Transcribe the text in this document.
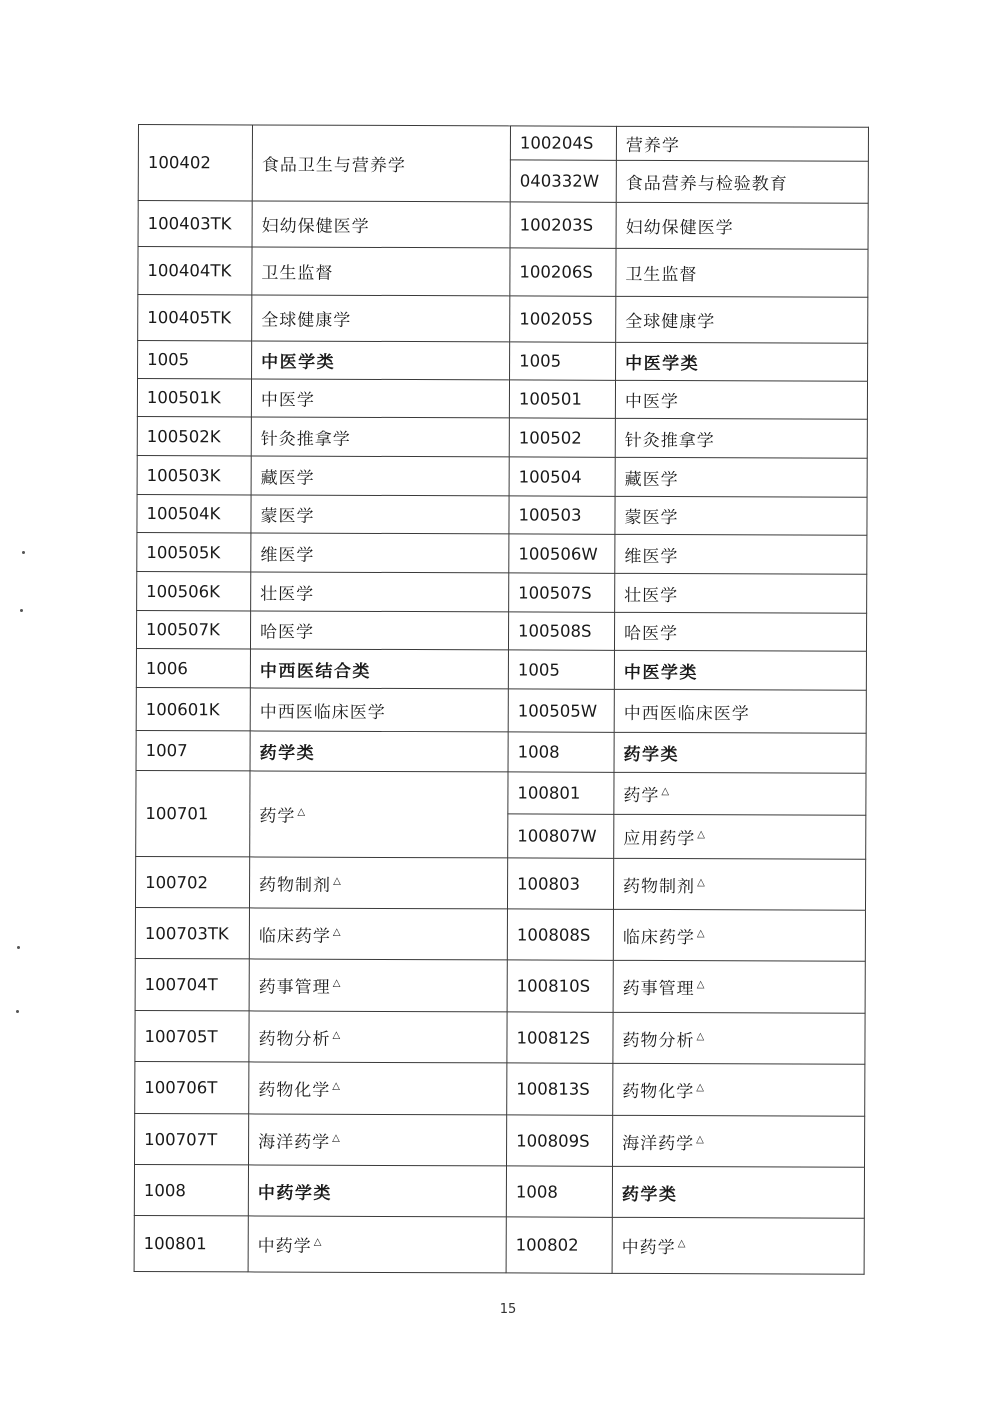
100402	食品卫生与营养学	100204S	营养学
		040332W	食品营养与检验教育
100403TK	妇幼保健医学	100203S	妇幼保健医学
100404TK	卫生监督	100206S	卫生监督
100405TK	全球健康学	100205S	全球健康学
1005	中医学类	1005	中医学类
100501K	中医学	100501	中医学
100502K	针灸推拿学	100502	针灸推拿学
100503K	藏医学	100504	藏医学
100504K	蒙医学	100503	蒙医学
100505K	维医学	100506W	维医学
100506K	壮医学	100507S	壮医学
100507K	哈医学	100508S	哈医学
1006	中西医结合类	1005	中医学类
100601K	中西医临床医学	100505W	中西医临床医学
1007	药学类	1008	药学类
100701	药学 △	100801	药学 △
		100807W	应用药学 △
100702	药物制剂 △	100803	药物制剂 △
100703TK	临床药学 △	100808S	临床药学 △
100704T	药事管理 △	100810S	药事管理 △
100705T	药物分析 △	100812S	药物分析 △
100706T	药物化学 △	100813S	药物化学 △
100707T	海洋药学 △	100809S	海洋药学 △
1008	中药学类	1008	药学类
100801	中药学 △	100802	中药学 △
15
